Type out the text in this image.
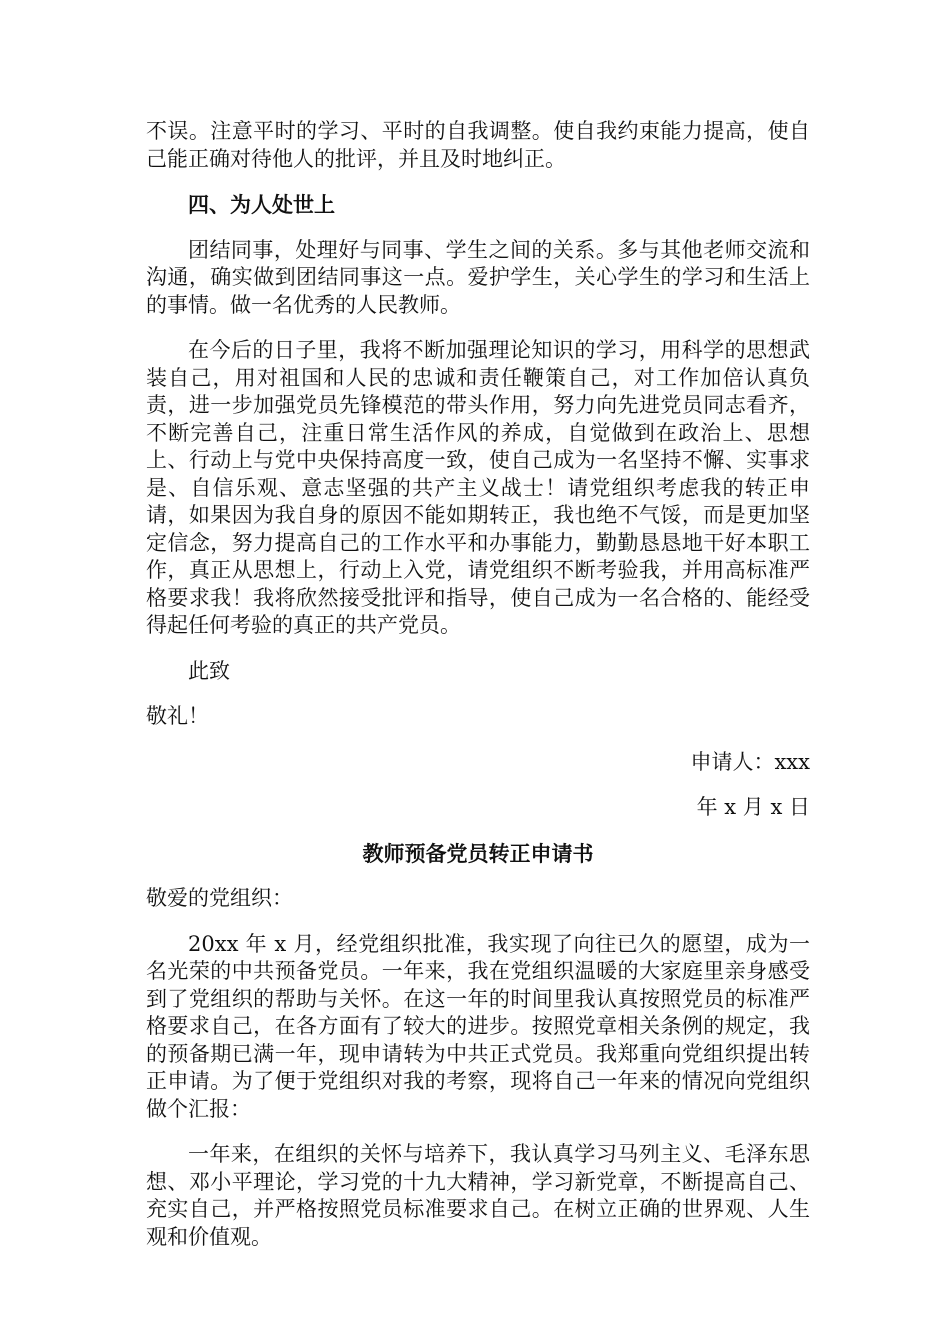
不误。注意平时的学习、平时的自我调整。使自我约束能力提高，使自己能正确对待他人的批评，并且及时地纠正。

四、为人处世上

团结同事，处理好与同事、学生之间的关系。多与其他老师交流和沟通，确实做到团结同事这一点。爱护学生，关心学生的学习和生活上的事情。做一名优秀的人民教师。

在今后的日子里，我将不断加强理论知识的学习，用科学的思想武装自己，用对祖国和人民的忠诚和责任鞭策自己，对工作加倍认真负责，进一步加强党员先锋模范的带头作用，努力向先进党员同志看齐，不断完善自己，注重日常生活作风的养成，自觉做到在政治上、思想上、行动上与党中央保持高度一致，使自己成为一名坚持不懈、实事求是、自信乐观、意志坚强的共产主义战士！请党组织考虑我的转正申请，如果因为我自身的原因不能如期转正，我也绝不气馁，而是更加坚定信念，努力提高自己的工作水平和办事能力，勤勤恳恳地干好本职工作，真正从思想上，行动上入党，请党组织不断考验我，并用高标准严格要求我！我将欣然接受批评和指导，使自己成为一名合格的、能经受得起任何考验的真正的共产党员。

此致

敬礼！

申请人：xxx

年 x 月 x 日

教师预备党员转正申请书

敬爱的党组织：

20xx 年 x 月，经党组织批准，我实现了向往已久的愿望，成为一名光荣的中共预备党员。一年来，我在党组织温暖的大家庭里亲身感受到了党组织的帮助与关怀。在这一年的时间里我认真按照党员的标准严格要求自己，在各方面有了较大的进步。按照党章相关条例的规定，我的预备期已满一年，现申请转为中共正式党员。我郑重向党组织提出转正申请。为了便于党组织对我的考察，现将自己一年来的情况向党组织做个汇报：

一年来，在组织的关怀与培养下，我认真学习马列主义、毛泽东思想、邓小平理论，学习党的十九大精神，学习新党章，不断提高自己、充实自己，并严格按照党员标准要求自己。在树立正确的世界观、人生观和价值观。
